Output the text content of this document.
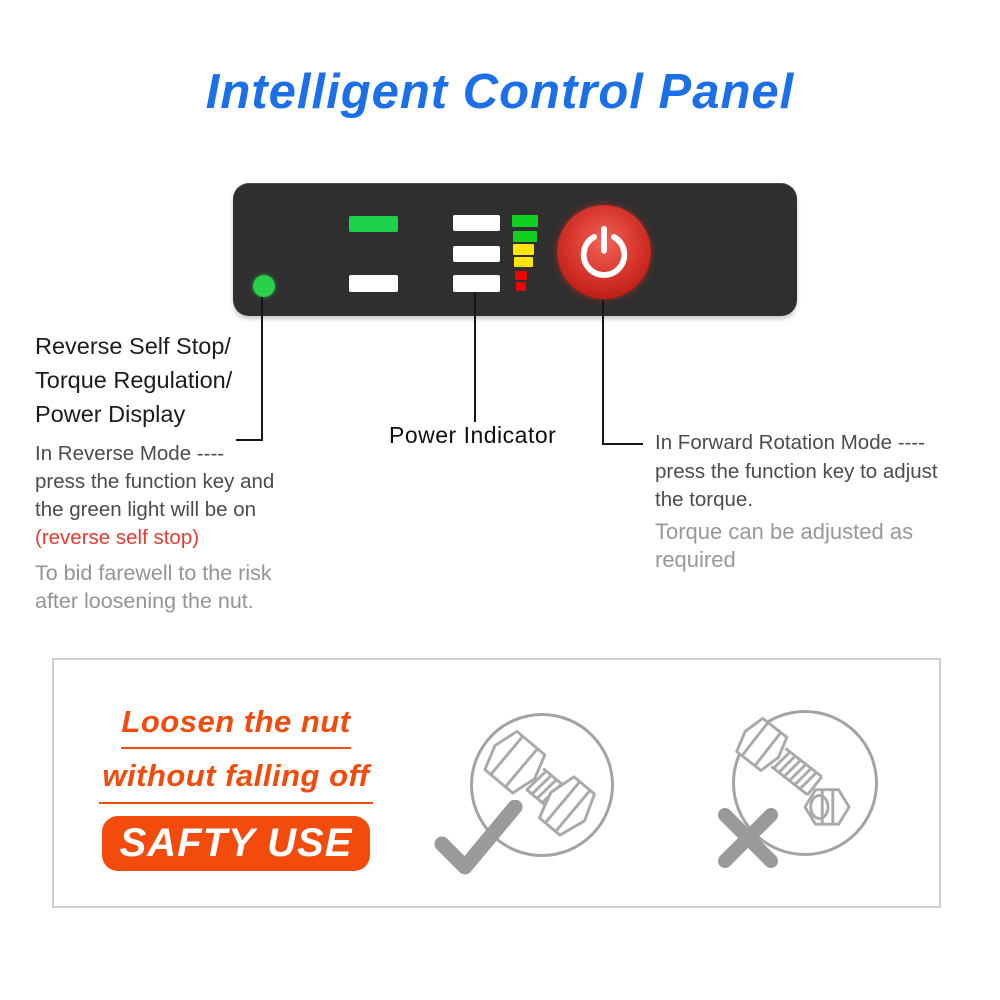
Intelligent Control Panel
Reverse Self Stop/
Torque Regulation/
Power Display
In Reverse Mode ----
press the function key and
the green light will be on
(reverse self stop)
To bid farewell to the risk
after loosening the nut.
Power Indicator	In Forward Rotation Mode ----
press the function key to adjust
the torque.
Torque can be adjusted as
required
Loosen the nut
without falling off
SAFTY USE
